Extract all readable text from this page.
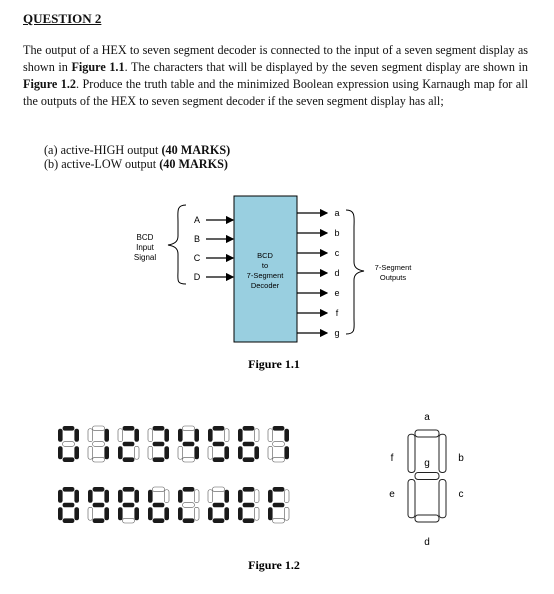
QUESTION 2
The output of a HEX to seven segment decoder is connected to the input of a seven segment display as shown in Figure 1.1. The characters that will be displayed by the seven segment display are shown in Figure 1.2. Produce the truth table and the minimized Boolean expression using Karnaugh map for all the outputs of the HEX to seven segment decoder if the seven segment display has all;
(a) active-HIGH output (40 MARKS)
(b) active-LOW output (40 MARKS)
BCD
Input
Signal
A
B
C
D
BCD
to
7-Segment
Decoder
a
b
c
d
e
f
g
7-Segment
Outputs
Figure 1.1
a
b
c
d
e
f	g
Figure 1.2
